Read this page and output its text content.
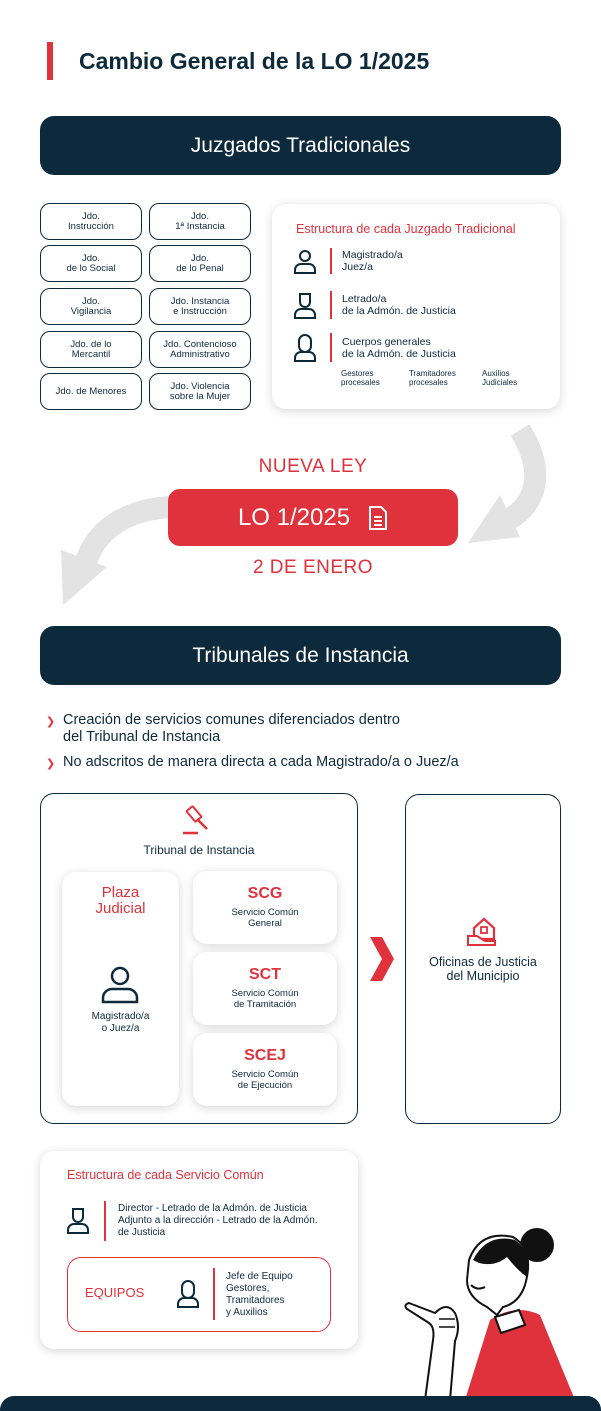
Cambio General de la LO 1/2025
Juzgados Tradicionales
Jdo.
Instrucción
Jdo.
1ª Instancia
Jdo.
de lo Social
Jdo.
de lo Penal
Jdo.
Vigilancia
Jdo. Instancia
e Instrucción
Jdo. de lo
Mercantil
Jdo. Contencioso
Administrativo
Jdo. de Menores	Jdo. Violencia
sobre la Mujer
Estructura de cada Juzgado Tradicional
Magistrado/a
Juez/a
Letrado/a
de la Admón. de Justicia
Cuerpos generales
de la Admón. de Justicia
Gestores
procesales
Tramitadores
procesales
Auxilios
Judiciales
NUEVA LEY
LO 1/2025
2 DE ENERO
Tribunales de Instancia
❯ Creación de servicios comunes diferenciados dentro
del Tribunal de Instancia
❯ No adscritos de manera directa a cada Magistrado/a o Juez/a
Tribunal de Instancia
Plaza
Judicial
Magistrado/a
o Juez/a
SCG
Servicio Común
General
SCT
Servicio Común
de Tramitación
SCEJ
Servicio Común
de Ejecución
Oficinas de Justicia
del Municipio
Estructura de cada Servicio Común
Director - Letrado de la Admón. de Justicia
Adjunto a la dirección - Letrado de la Admón.
de Justicia
EQUIPOS
Jefe de Equipo
Gestores,
Tramitadores
y Auxilios
